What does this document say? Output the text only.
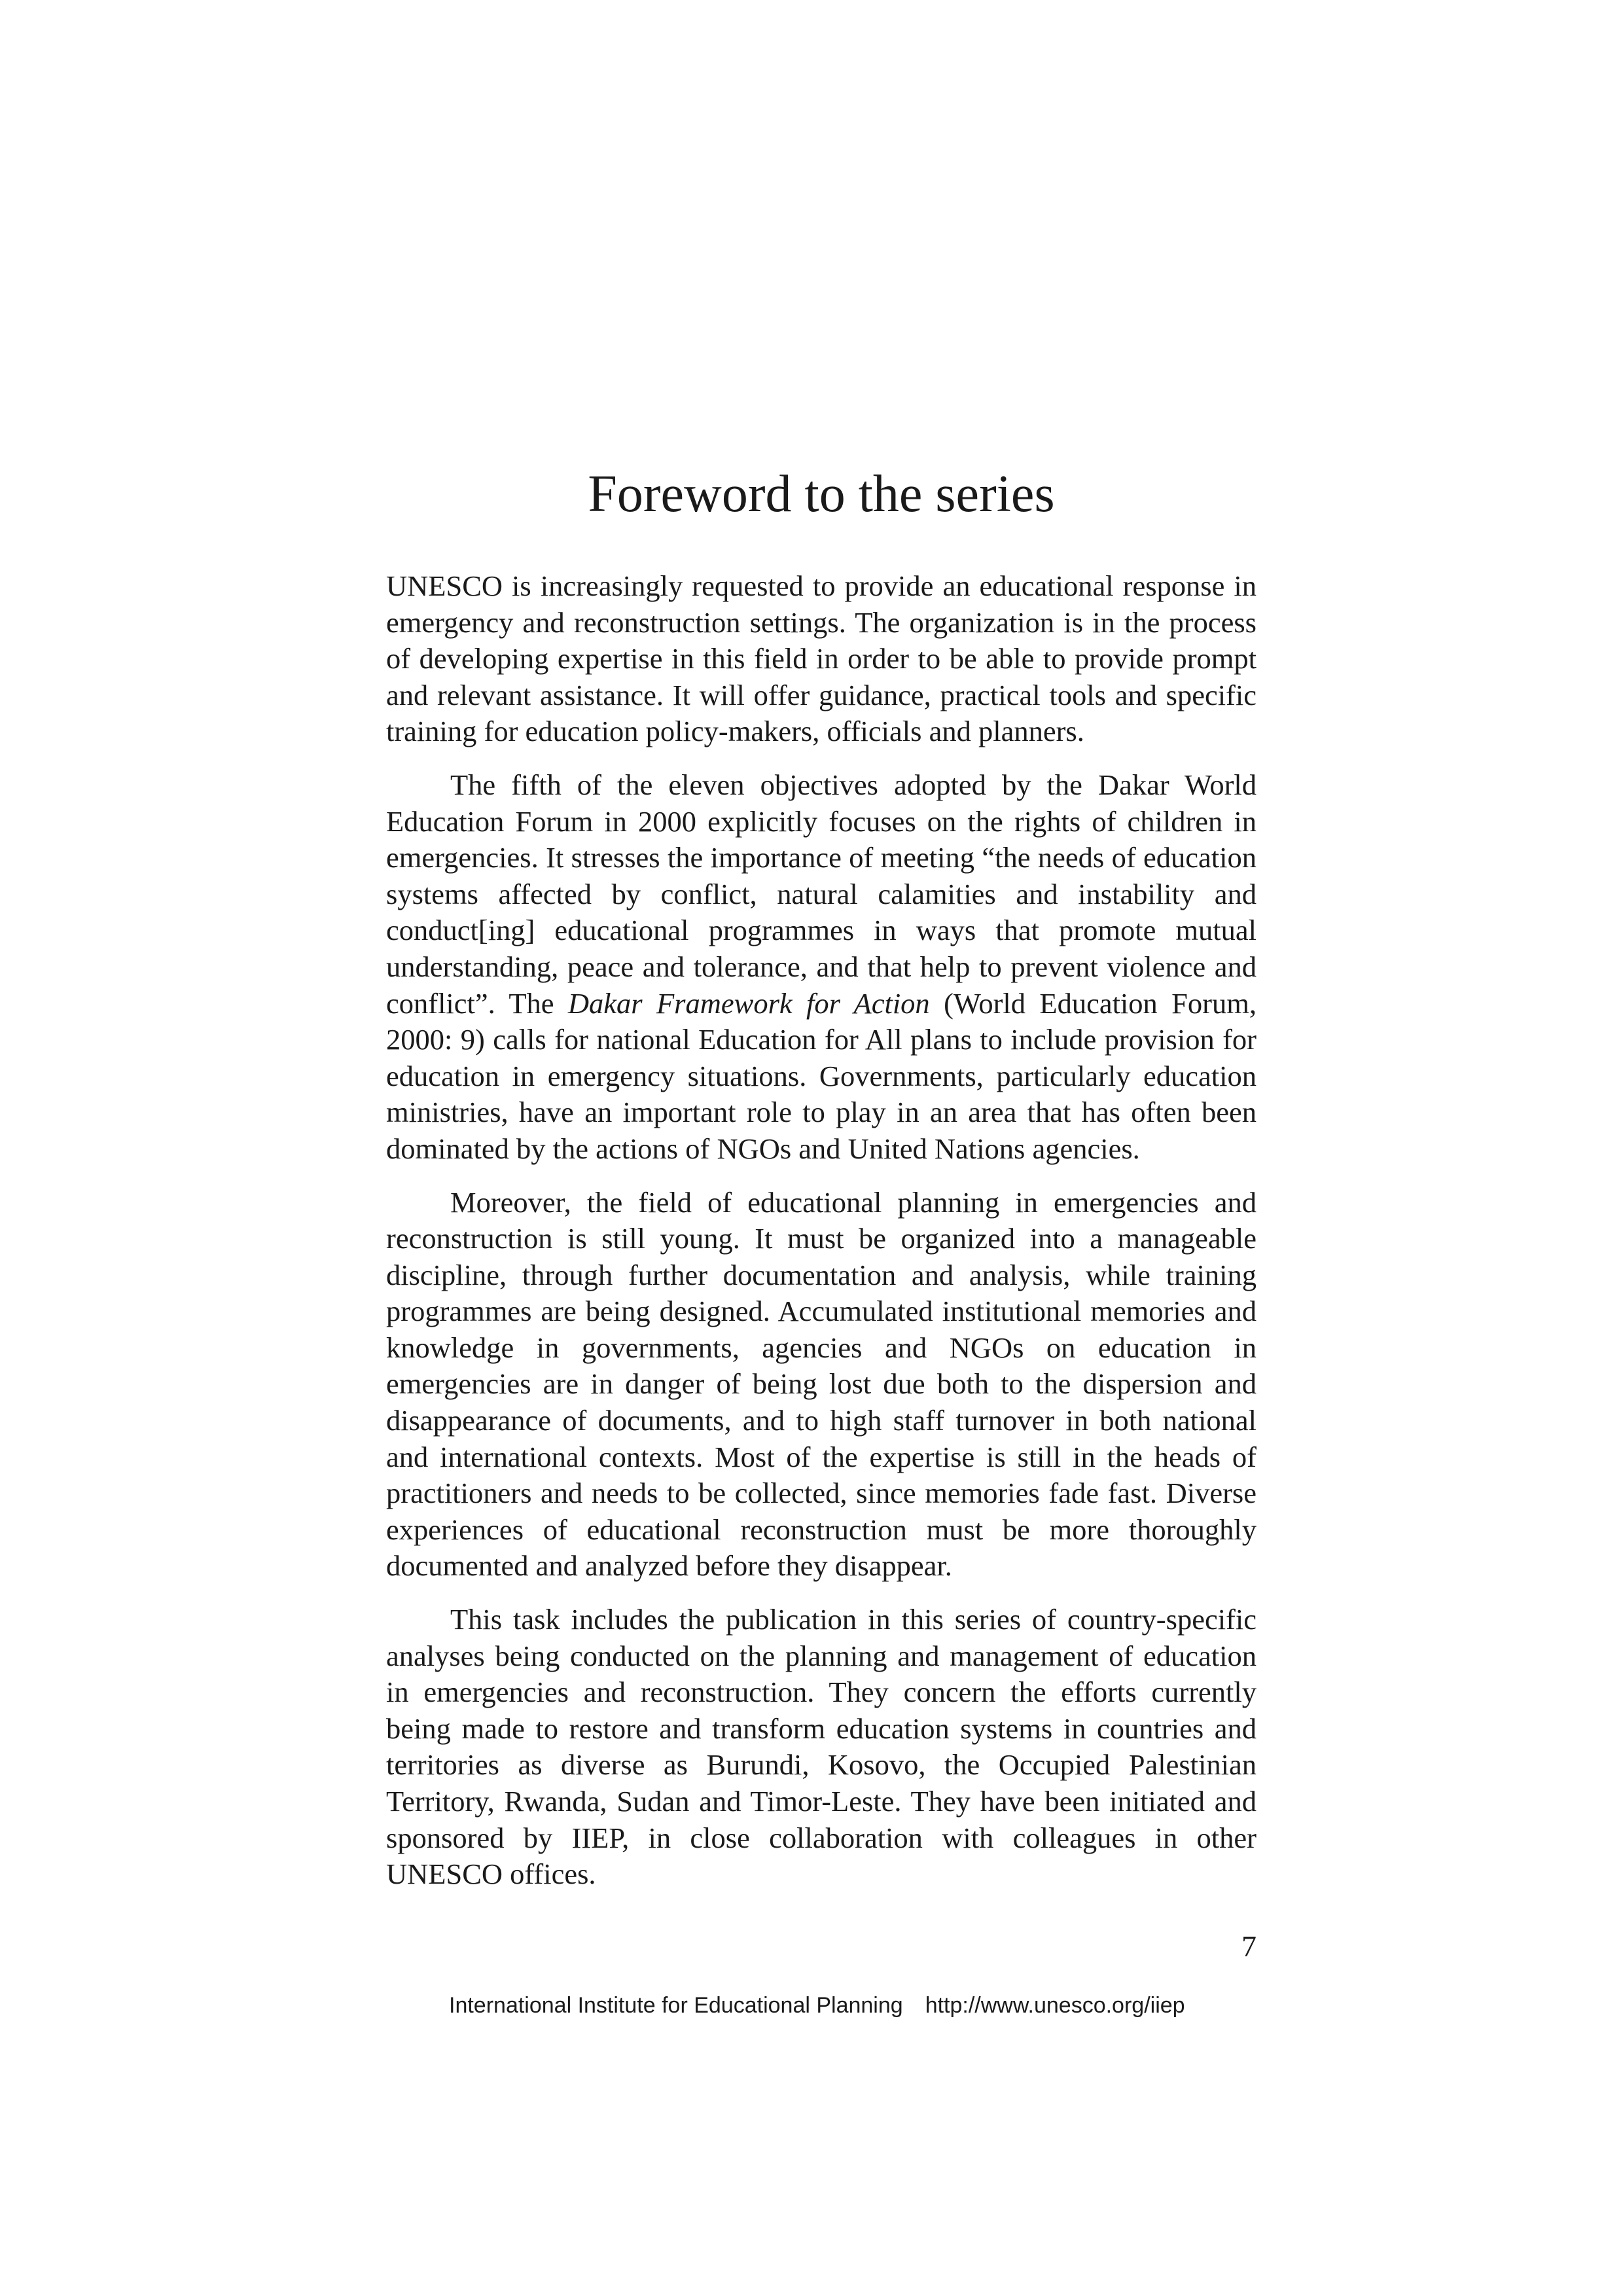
Foreword to the series

UNESCO is increasingly requested to provide an educational response in emergency and reconstruction settings. The organization is in the process of developing expertise in this field in order to be able to provide prompt and relevant assistance. It will offer guidance, practical tools and specific training for education policy-makers, officials and planners.

The fifth of the eleven objectives adopted by the Dakar World Education Forum in 2000 explicitly focuses on the rights of children in emergencies. It stresses the importance of meeting “the needs of education systems affected by conflict, natural calamities and instability and conduct[ing] educational programmes in ways that promote mutual understanding, peace and tolerance, and that help to prevent violence and conflict”. The Dakar Framework for Action (World Education Forum, 2000: 9) calls for national Education for All plans to include provision for education in emergency situations. Governments, particularly education ministries, have an important role to play in an area that has often been dominated by the actions of NGOs and United Nations agencies.

Moreover, the field of educational planning in emergencies and reconstruction is still young. It must be organized into a manageable discipline, through further documentation and analysis, while training programmes are being designed. Accumulated institutional memories and knowledge in governments, agencies and NGOs on education in emergencies are in danger of being lost due both to the dispersion and disappearance of documents, and to high staff turnover in both national and international contexts. Most of the expertise is still in the heads of practitioners and needs to be collected, since memories fade fast. Diverse experiences of educational reconstruction must be more thoroughly documented and analyzed before they disappear.

This task includes the publication in this series of country-specific analyses being conducted on the planning and management of education in emergencies and reconstruction. They concern the efforts currently being made to restore and transform education systems in countries and territories as diverse as Burundi, Kosovo, the Occupied Palestinian Territory, Rwanda, Sudan and Timor-Leste. They have been initiated and sponsored by IIEP, in close collaboration with colleagues in other UNESCO offices.

7
International Institute for Educational Planning http://www.unesco.org/iiep
